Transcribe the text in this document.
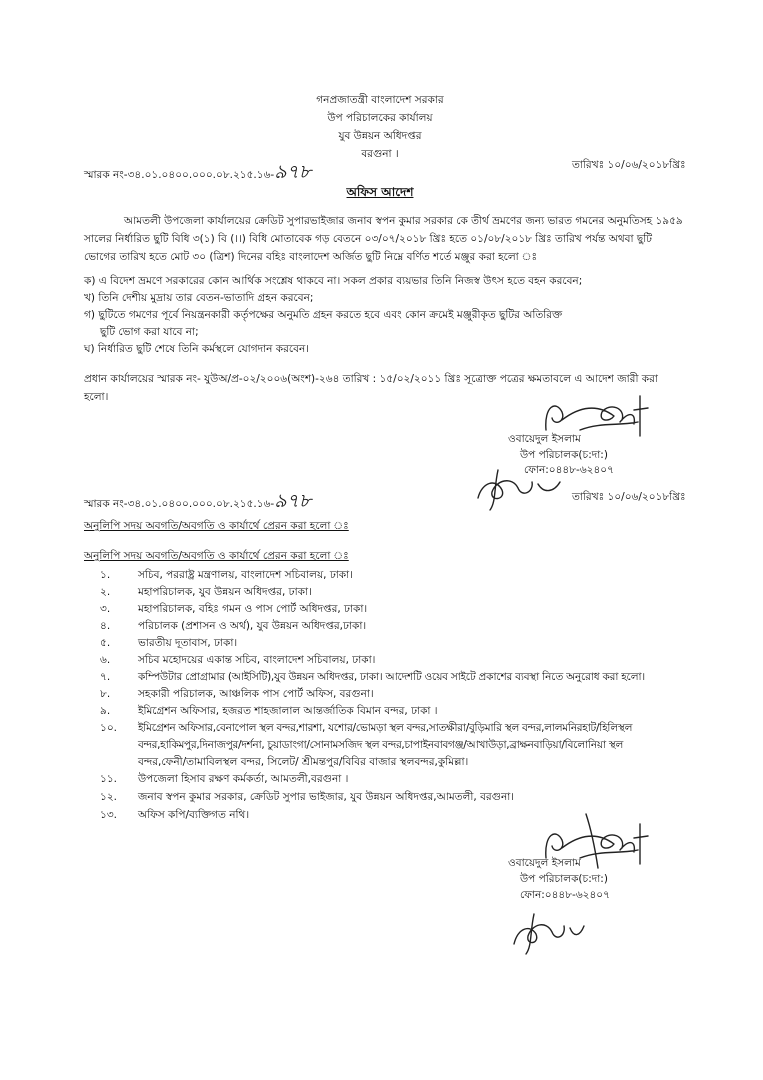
গনপ্রজাতন্ত্রী বাংলাদেশ সরকার
উপ পরিচালকের কার্যালয়
যুব উন্নয়ন অধিদপ্তর
বরগুনা ।
স্মারক নং-৩৪.০১.০৪০০.০০০.০৮.২১৫.১৬-৯৭৮	তারিখঃ ১০/০৬/২০১৮খ্রিঃ
অফিস আদেশ
আমতলী উপজেলা কার্যালয়ের ক্রেডিট সুপারভাইজার জনাব স্বপন কুমার সরকার কে তীর্থ ভ্রমণের জন্য ভারত গমনের অনুমতিসহ ১৯৫৯ সালের নির্ধারিত ছুটি বিধি ৩(১) বি (।।) বিধি মোতাবেক গড় বেতনে ০৩/০৭/২০১৮ খ্রিঃ হতে ০১/০৮/২০১৮ খ্রিঃ তারিখ পর্যন্ত অথবা ছুটি ভোগের তারিখ হতে মোট ৩০ (ত্রিশ) দিনের বহিঃ বাংলাদেশ অর্জিত ছুটি নিম্নে বর্ণিত শর্তে মঞ্জুর করা হলো ঃ
ক) এ বিদেশ ভ্রমণে সরকারের কোন আর্থিক সংশ্লেষ থাকবে না। সকল প্রকার ব্যয়ভার তিনি নিজস্ব উৎস হতে বহন করবেন;
খ) তিনি দেশীয় মুদ্রায় তার বেতন-ভাতাদি গ্রহন করবেন;
গ) ছুটিতে গমণের পূর্বে নিয়ন্ত্রনকারী কর্তৃপক্ষের অনুমতি গ্রহন করতে হবে এবং কোন ক্রমেই মঞ্জুরীকৃত ছুটির অতিরিক্ত
ছুটি ভোগ করা যাবে না;
ঘ) নির্ধারিত ছুটি শেষে তিনি কর্মস্থলে যোগদান করবেন।
প্রধান কার্যালয়ের স্মারক নং- যুউঅ/প্র-০২/২০০৬(অংশ)-২৬৪ তারিখ : ১৫/০২/২০১১ খ্রিঃ সূত্রোক্ত পত্রের ক্ষমতাবলে এ আদেশ জারী করা
হলো।
ওবায়েদুল ইসলাম
উপ পরিচালক(চ:দা:)
ফোন:০৪৪৮-৬২৪০৭
স্মারক নং-৩৪.০১.০৪০০.০০০.০৮.২১৫.১৬-৯৭৮	তারিখঃ ১০/০৬/২০১৮খ্রিঃ
অনুলিপি সদয় অবগতি/অবগতি ও কার্যার্থে প্রেরন করা হলো ঃ
অনুলিপি সদয় অবগতি/অবগতি ও কার্যার্থে প্রেরন করা হলো ঃ
১.	সচিব, পররাষ্ট্র মন্ত্রণালয়, বাংলাদেশ সচিবালয়, ঢাকা।
২.	মহাপরিচালক, যুব উন্নয়ন অধিদপ্তর, ঢাকা।
৩.	মহাপরিচালক, বহিঃ গমন ও পাস পোর্ট অধিদপ্তর, ঢাকা।
৪.	পরিচালক (প্রশাসন ও অর্থ), যুব উন্নয়ন অধিদপ্তর,ঢাকা।
৫.	ভারতীয় দূতাবাস, ঢাকা।
৬.	সচিব মহোদয়ের একান্ত সচিব, বাংলাদেশ সচিবালয়, ঢাকা।
৭.	কম্পিউটার প্রোগ্রামার (আইসিটি),যুব উন্নয়ন অধিদপ্তর, ঢাকা। আদেশটি ওয়েব সাইটে প্রকাশের ব্যবস্থা নিতে অনুরোধ করা হলো।
৮.	সহকারী পরিচালক, আঞ্চলিক পাস পোর্ট অফিস, বরগুনা।
৯.	ইমিগ্রেশন অফিসার, হজরত শাহজালাল আন্তর্জাতিক বিমান বন্দর, ঢাকা ।
১০.	ইমিগ্রেশন অফিসার,বেনাপোল স্থল বন্দর,শারশা, যশোর/ভোমড়া স্থল বন্দর,সাতক্ষীরা/বুড়িমারি স্থল বন্দর,লালমনিরহাট/হিলিস্থল
বন্দর,হাকিমপুর,দিনাজপুর/দর্শনা, চুয়াডাংগা/সোনামসজিদ স্থল বন্দর,চাপাইনবাবগঞ্জ/আখাউড়া,ব্রাক্ষনবাড়িয়া/বিলোনিয়া স্থল
বন্দর,ফেনী/তামাবিলস্থল বন্দর, সিলেট/ শ্রীমন্তপুর/বিবির বাজার স্থলবন্দর,কুমিল্লা।
১১.	উপজেলা হিসাব রক্ষণ কর্মকর্তা, আমতলী,বরগুনা ।
১২.	জনাব স্বপন কুমার সরকার, ক্রেডিট সুপার ভাইজার, যুব উন্নয়ন অধিদপ্তর,আমতলী, বরগুনা।
১৩.	অফিস কপি/ব্যক্তিগত নথি।
ওবায়েদুল ইসলাম
উপ পরিচালক(চ:দা:)
ফোন:০৪৪৮-৬২৪০৭
